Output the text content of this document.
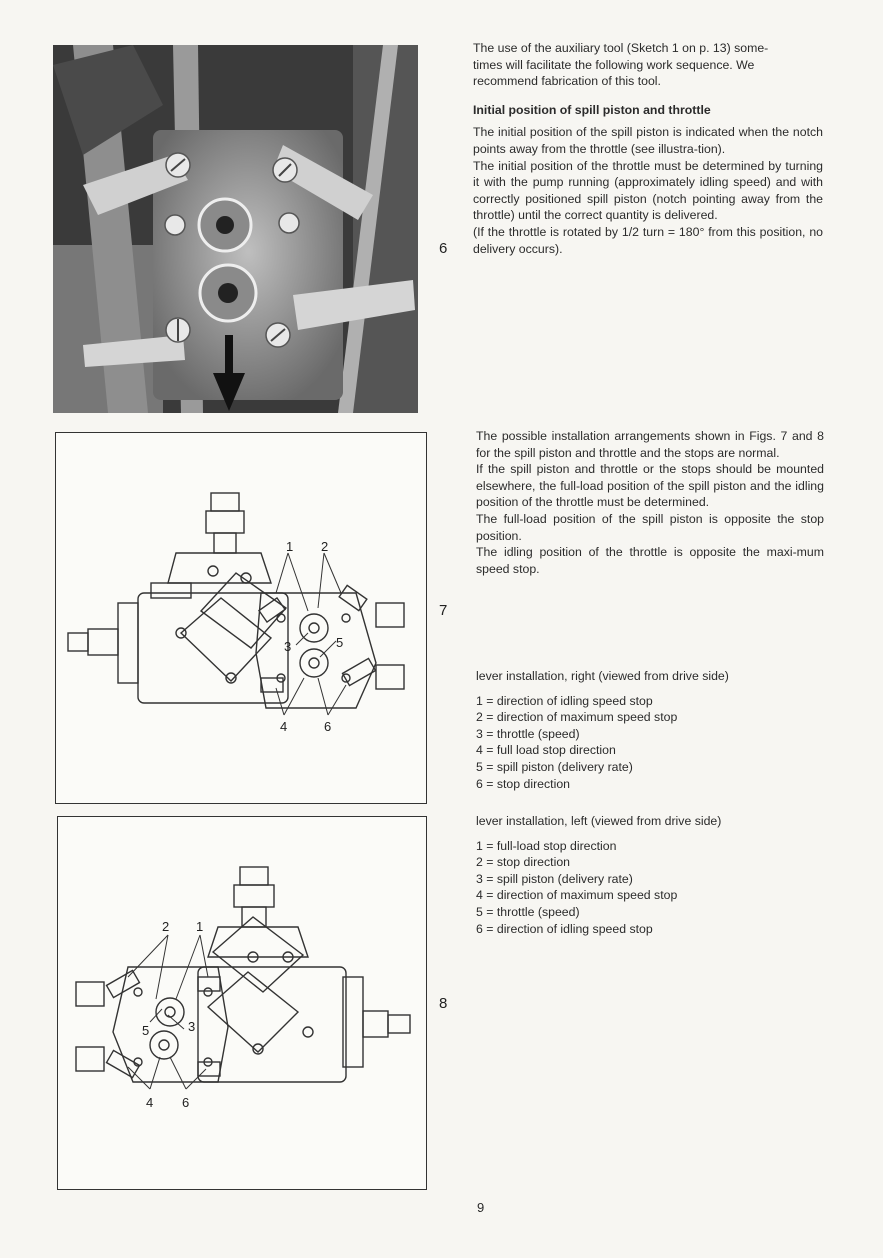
6

The use of the auxiliary tool (Sketch 1 on p. 13) some-

times will facilitate the following work sequence. We

recommend fabrication of this tool.

Initial position of spill piston and throttle

The initial position of the spill piston is indicated when the notch points away from the throttle (see illustra-tion).

The initial position of the throttle must be determined by turning it with the pump running (approximately idling speed) and with correctly positioned spill piston (notch pointing away from the throttle) until the correct quantity is delivered.

(If the throttle is rotated by 1/2 turn = 180° from this position, no delivery occurs).

1 2
3
4
5
6
7

The possible installation arrangements shown in Figs. 7 and 8 for the spill piston and throttle and the stops are normal.

If the spill piston and throttle or the stops should be mounted elsewhere, the full-load position of the spill piston and the idling position of the throttle must be determined.

The full-load position of the spill piston is opposite the stop position.

The idling position of the throttle is opposite the maxi-mum speed stop.

lever installation, right (viewed from drive side)

1 = direction of idling speed stop

2 = direction of maximum speed stop

3 = throttle (speed)

4 = full load stop direction

5 = spill piston (delivery rate)

6 = stop direction

2 1
5	3
4 6
8

lever installation, left (viewed from drive side)

1 = full-load stop direction

2 = stop direction

3 = spill piston (delivery rate)

4 = direction of maximum speed stop

5 = throttle (speed)

6 = direction of idling speed stop

9
